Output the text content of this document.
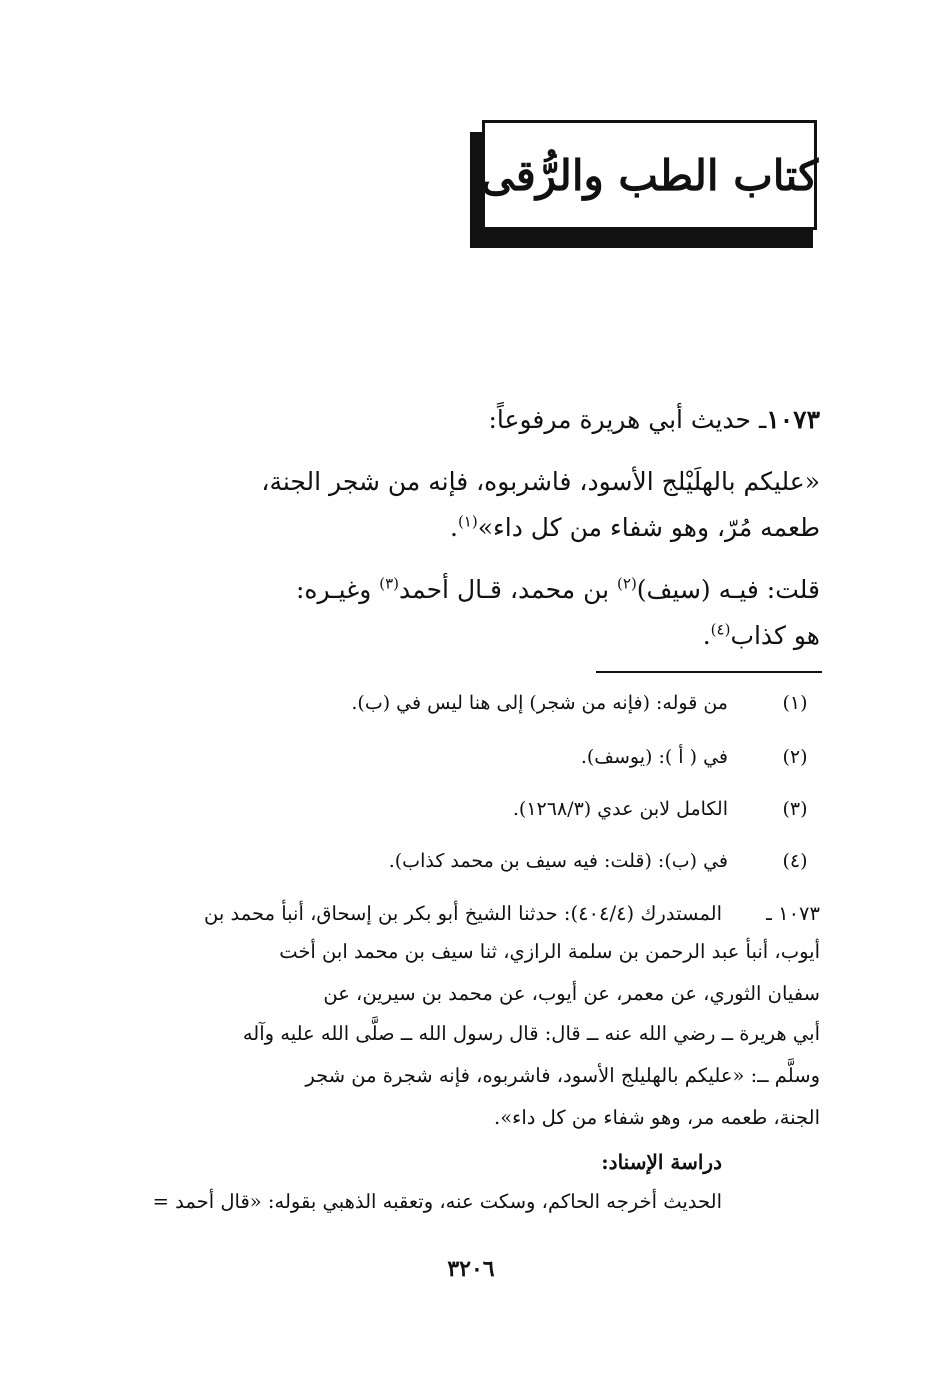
كتاب الطب والرُّقى
١٠٧٣ـ حديث أبي هريرة مرفوعاً:
«عليكم بالهلَيْلج الأسود، فاشربوه، فإنه من شجر الجنة،
طعمه مُرّ، وهو شفاء من كل داء»$^{(١)}$.
قلت: فيـه (سيف)$^{(٢)}$ بن محمد، قـال أحمد$^{(٣)}$ وغيـره:
هو كذاب$^{(٤)}$.
(١)
من قوله: (فإنه من شجر) إلى هنا ليس في (ب).
(٢)
في ( أ ): (يوسف).
(٣)
الكامل لابن عدي (١٢٦٨/٣).
(٤)
في (ب): (قلت: فيه سيف بن محمد كذاب).
١٠٧٣ ـ
المستدرك (٤٠٤/٤): حدثنا الشيخ أبو بكر بن إسحاق، أنبأ محمد بن
أيوب، أنبأ عبد الرحمن بن سلمة الرازي، ثنا سيف بن محمد ابن أخت
سفيان الثوري، عن معمر، عن أيوب، عن محمد بن سيرين، عن
أبي هريرة ــ رضي الله عنه ــ قال: قال رسول الله ــ صلَّى الله عليه وآله
وسلَّم ــ: «عليكم بالهليلج الأسود، فاشربوه، فإنه شجرة من شجر
الجنة، طعمه مر، وهو شفاء من كل داء».
دراسة الإسناد:
الحديث أخرجه الحاكم، وسكت عنه، وتعقبه الذهبي بقوله: «قال أحمد =
٣٢٠٦
